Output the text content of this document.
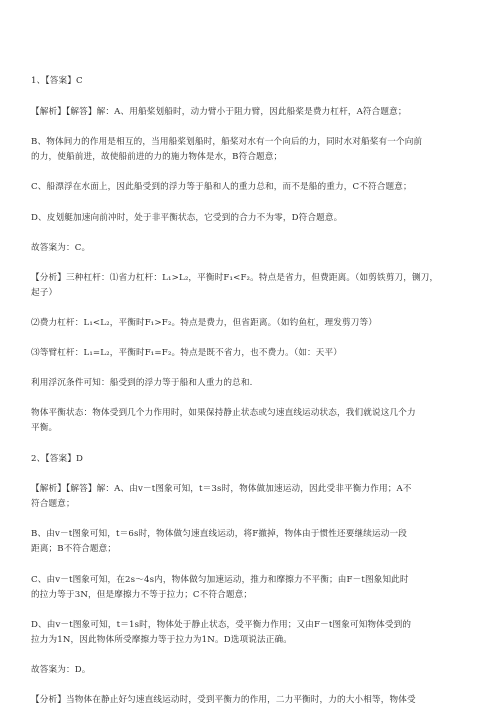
1、【答案】C
【解析】【解答】解：A、用船桨划船时，动力臂小于阻力臂，因此船桨是费力杠杆，A符合题意；
B、物体间力的作用是相互的，当用船桨划船时，船桨对水有一个向后的力，同时水对船桨有一个向前
的力，使船前进，故使船前进的力的施力物体是水，B符合题意；
C、船漂浮在水面上，因此船受到的浮力等于船和人的重力总和，而不是船的重力，C不符合题意；
D、皮划艇加速向前冲时，处于非平衡状态，它受到的合力不为零，D符合题意。
故答案为：C。
【分析】三种杠杆：⑴省力杠杆：L₁>L₂，平衡时F₁<F₂。特点是省力，但费距离。（如剪铁剪刀，铡刀，
起子）
⑵费力杠杆：L₁<L₂，平衡时F₁>F₂。特点是费力，但省距离。（如钓鱼杠，理发剪刀等）
⑶等臂杠杆：L₁=L₂，平衡时F₁=F₂。特点是既不省力，也不费力。（如：天平）
利用浮沉条件可知：船受到的浮力等于船和人重力的总和.
物体平衡状态：物体受到几个力作用时，如果保持静止状态或匀速直线运动状态，我们就说这几个力
平衡。
2、【答案】D
【解析】【解答】解：A、由v－t图象可知，t＝3s时，物体做加速运动，因此受非平衡力作用；A不
符合题意；
B、由v－t图象可知，t＝6s时，物体做匀速直线运动，将F撤掉，物体由于惯性还要继续运动一段
距离；B不符合题意；
C、由v－t图象可知，在2s～4s内，物体做匀加速运动，推力和摩擦力不平衡；由F－t图象知此时
的拉力等于3N，但是摩擦力不等于拉力；C不符合题意；
D、由v－t图象可知，t＝1s时，物体处于静止状态，受平衡力作用；又由F－t图象可知物体受到的
拉力为1N，因此物体所受摩擦力等于拉力为1N。D选项说法正确。
故答案为：D。
【分析】当物体在静止好匀速直线运动时，受到平衡力的作用，二力平衡时，力的大小相等，物体受
